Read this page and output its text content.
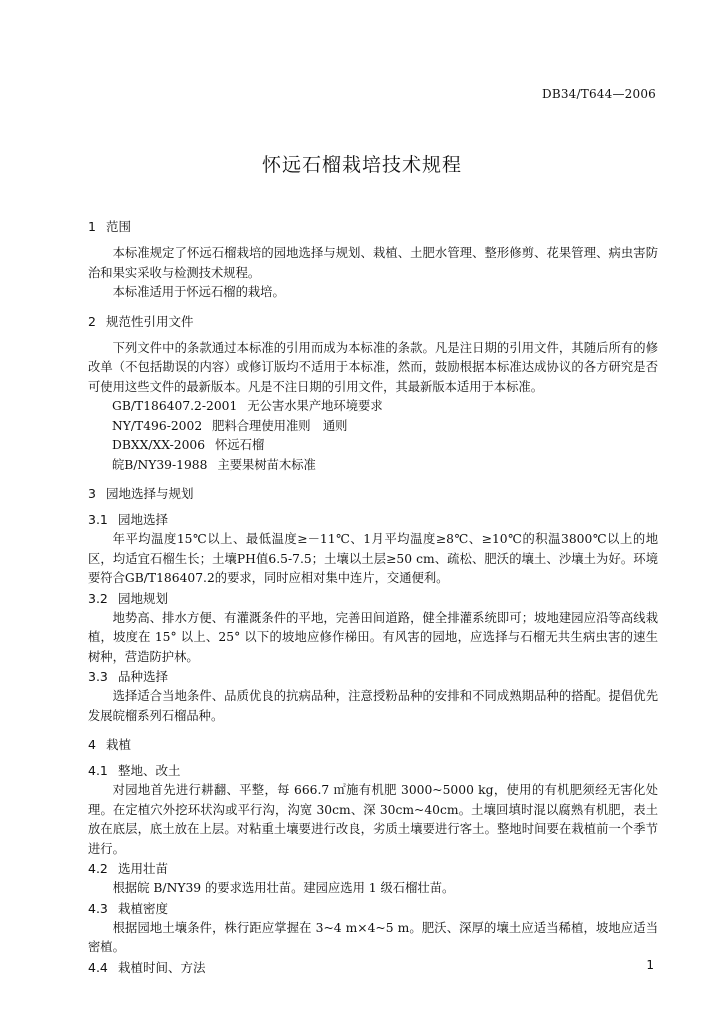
DB34/T644—2006
怀远石榴栽培技术规程
1 范围

本标准规定了怀远石榴栽培的园地选择与规划、栽植、土肥水管理、整形修剪、花果管理、病虫害防治和果实采收与检测技术规程。

本标准适用于怀远石榴的栽培。

2 规范性引用文件

下列文件中的条款通过本标准的引用而成为本标准的条款。凡是注日期的引用文件，其随后所有的修改单（不包括勘误的内容）或修订版均不适用于本标准，然而，鼓励根据本标准达成协议的各方研究是否可使用这些文件的最新版本。凡是不注日期的引用文件，其最新版本适用于本标准。

GB/T186407.2-2001 无公害水果产地环境要求
NY/T496-2002 肥料合理使用准则　通则
DBXX/XX-2006 怀远石榴
皖B/NY39-1988 主要果树苗木标准
3 园地选择与规划
3.1 园地选择

年平均温度15℃以上、最低温度≥－11℃、1月平均温度≥8℃、≥10℃的积温3800℃以上的地区，均适宜石榴生长；土壤PH值6.5-7.5；土壤以土层≥50 cm、疏松、肥沃的壤土、沙壤土为好。环境要符合GB/T186407.2的要求，同时应相对集中连片，交通便利。

3.2 园地规划

地势高、排水方便、有灌溉条件的平地，完善田间道路，健全排灌系统即可；坡地建园应沿等高线栽植，坡度在 15° 以上、25° 以下的坡地应修作梯田。有风害的园地，应选择与石榴无共生病虫害的速生树种，营造防护林。

3.3 品种选择

选择适合当地条件、品质优良的抗病品种，注意授粉品种的安排和不同成熟期品种的搭配。提倡优先发展皖榴系列石榴品种。

4 栽植
4.1 整地、改土

对园地首先进行耕翻、平整，每 666.7 ㎡施有机肥 3000~5000 kg，使用的有机肥须经无害化处理。在定植穴外挖环状沟或平行沟，沟宽 30cm、深 30cm~40cm。土壤回填时混以腐熟有机肥，表土放在底层，底土放在上层。对粘重土壤要进行改良，劣质土壤要进行客土。整地时间要在栽植前一个季节进行。

4.2 选用壮苗

根据皖 B/NY39 的要求选用壮苗。建园应选用 1 级石榴壮苗。

4.3 栽植密度

根据园地土壤条件，株行距应掌握在 3~4 m×4~5 m。肥沃、深厚的壤土应适当稀植，坡地应适当密植。

4.4 栽植时间、方法	1
